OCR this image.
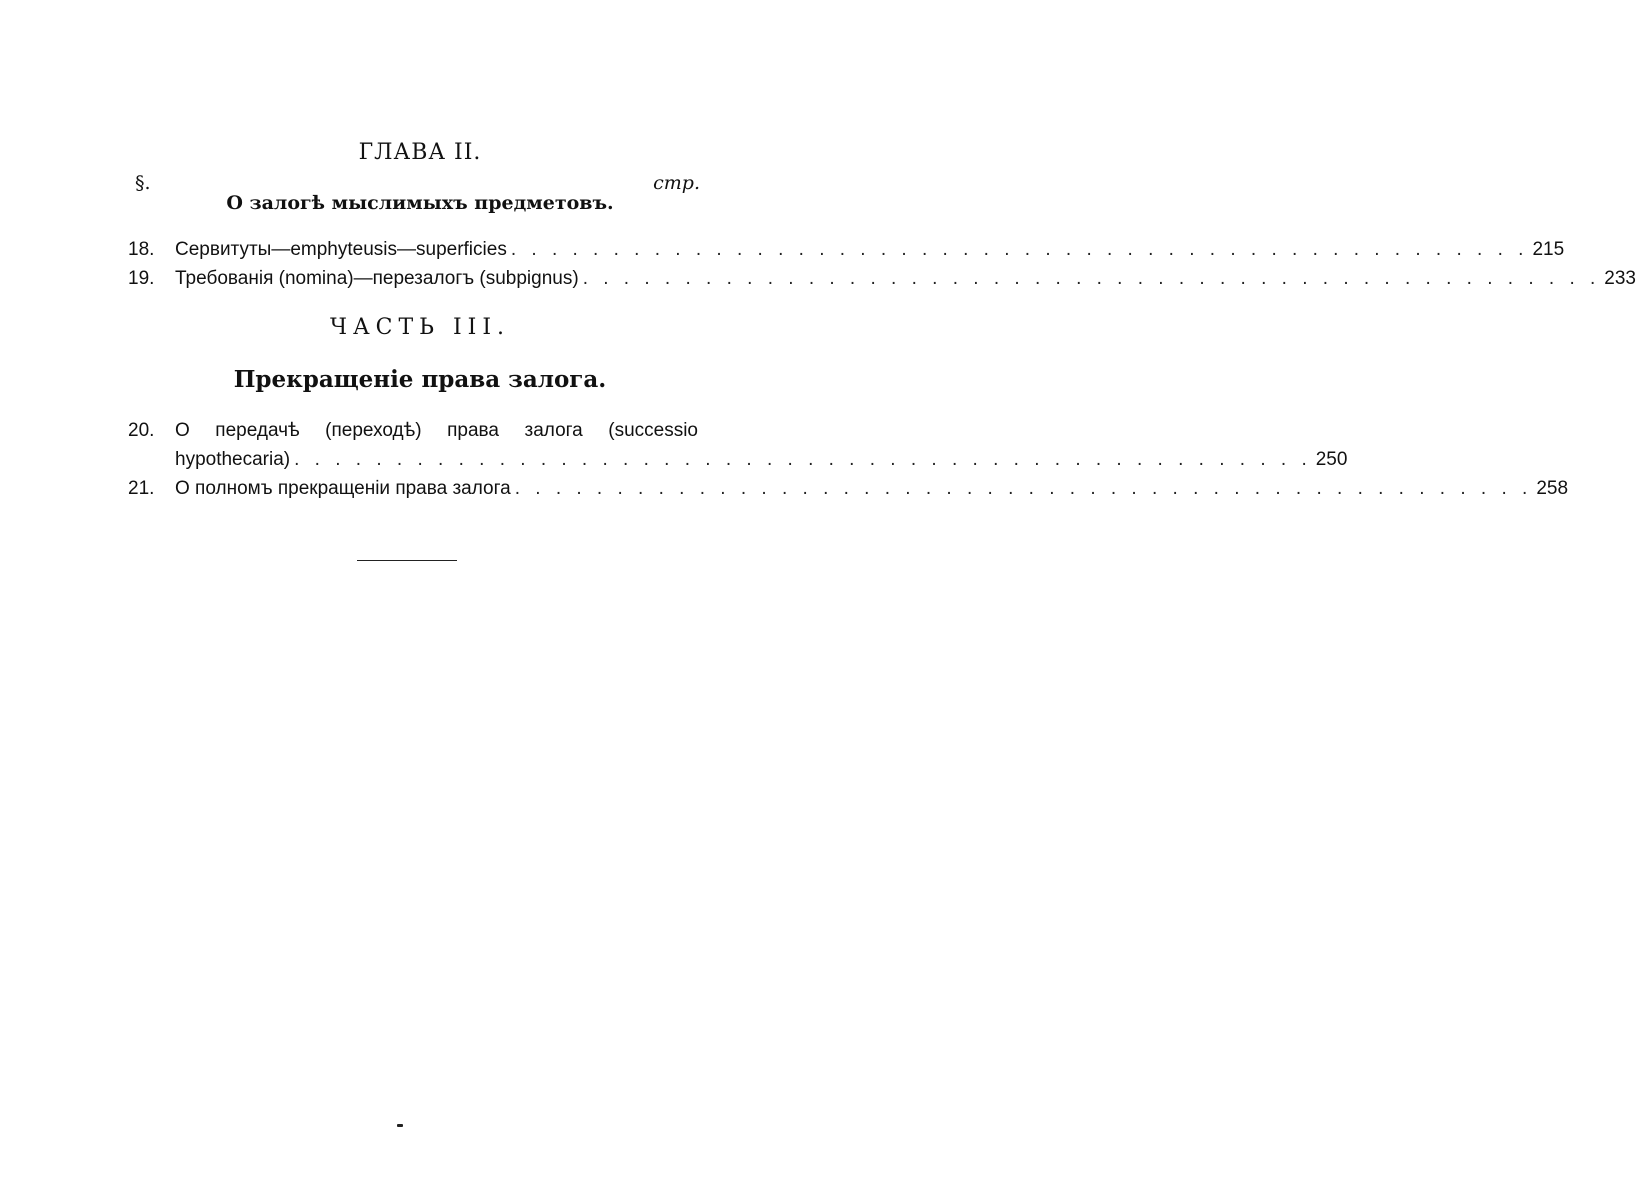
ГЛАВА II.
§.	стр.
О залогѣ мыслимыхъ предметовъ.
18. Сервитуты—emphyteusis—superficies . . . . . . . . . . . . . . . . . . . . . . . . . . . . . . . . . . . . . . . . . . . . . . . . . . 215
19. Требованія (nomina)—перезалогъ (subpignus) . . . . . . . . . . . . . . . . . . . . . . . . . . . . . . . . . . . . . . . . . . . . . . . . . . 233
ЧАСТЬ III.
Прекращеніе права залога.
20. О передачѣ (переходѣ) права залога (successio
hypothecaria) . . . . . . . . . . . . . . . . . . . . . . . . . . . . . . . . . . . . . . . . . . . . . . . . . . 250
21. О полномъ прекращеніи права залога . . . . . . . . . . . . . . . . . . . . . . . . . . . . . . . . . . . . . . . . . . . . . . . . . . 258
